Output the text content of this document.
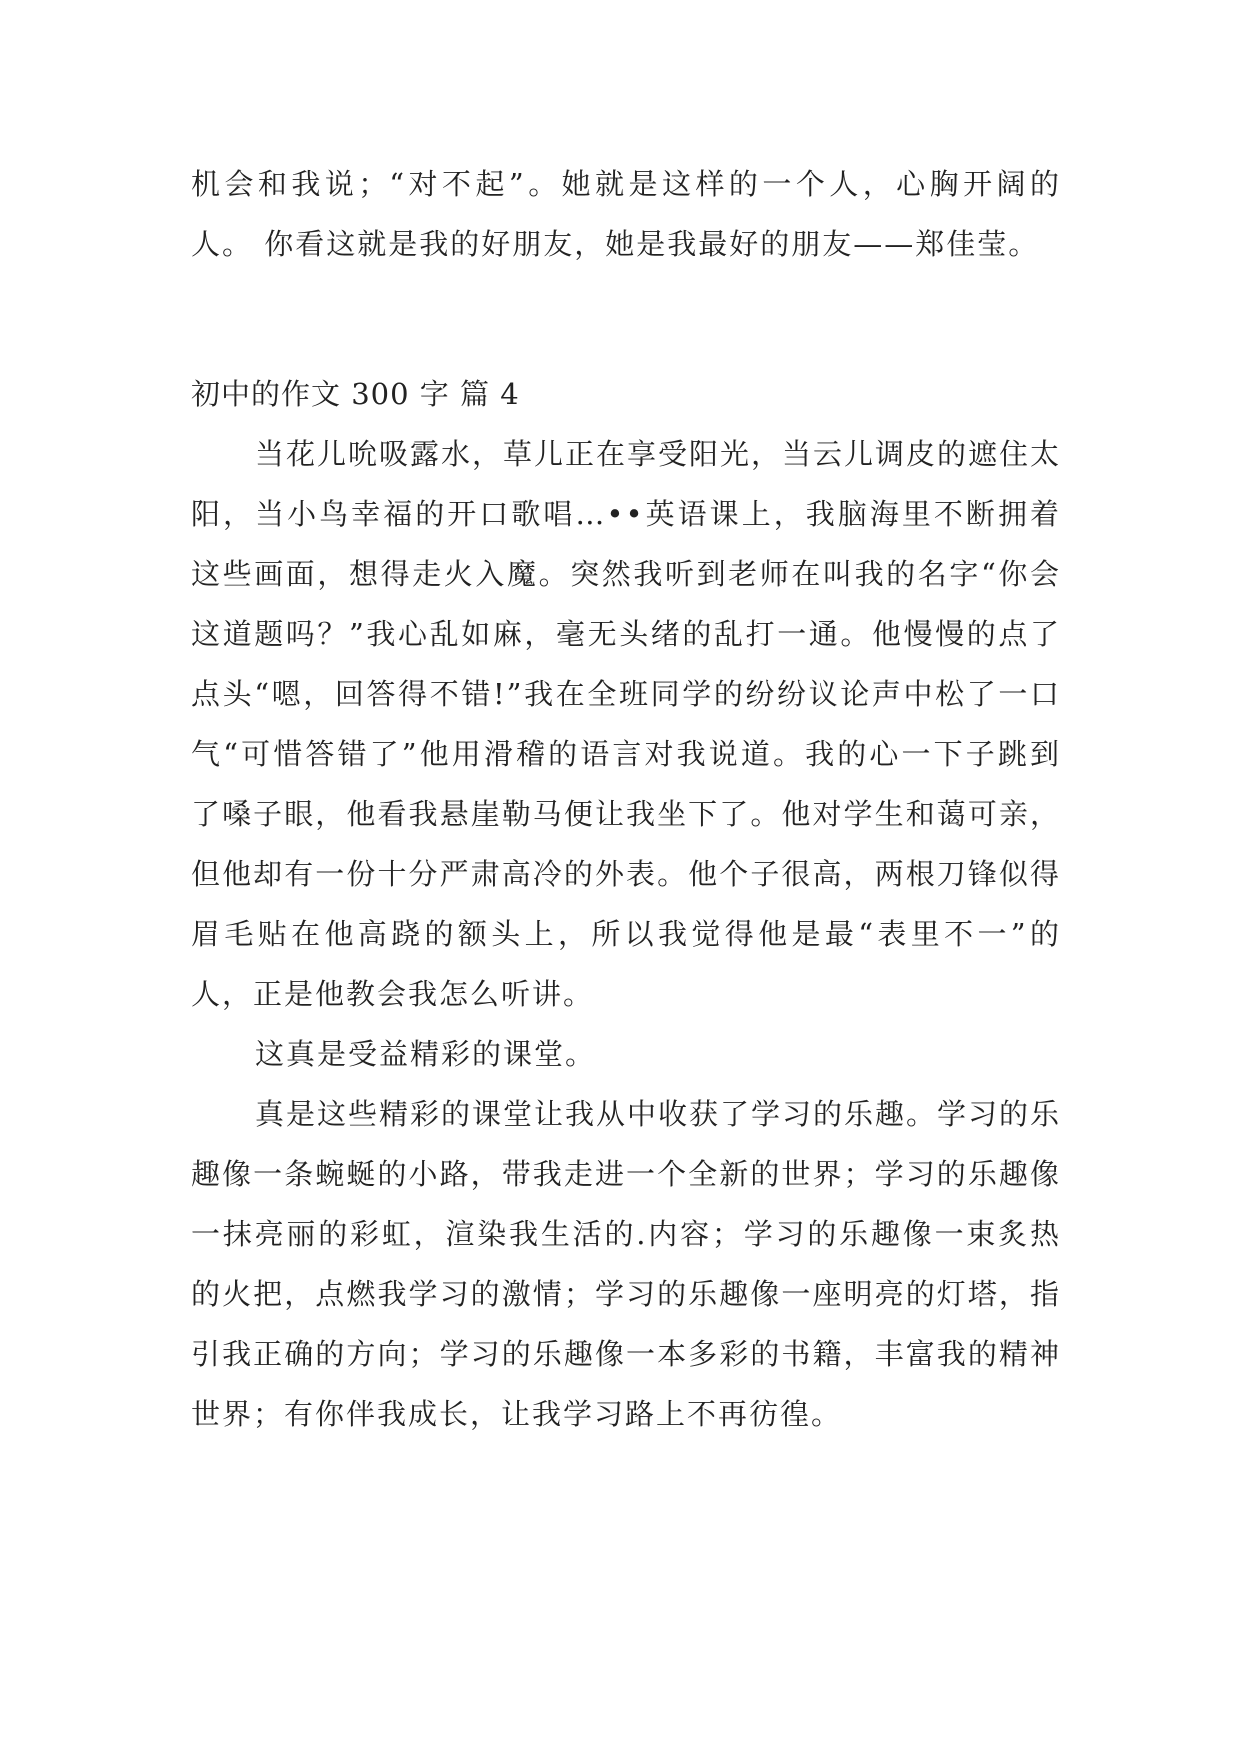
机会和我说；“对不起”。她就是这样的一个人，心胸开阔的人。 你看这就是我的好朋友，她是我最好的朋友——郑佳莹。

初中的作文 300 字 篇 4

当花儿吮吸露水，草儿正在享受阳光，当云儿调皮的遮住太阳，当小鸟幸福的开口歌唱…••英语课上，我脑海里不断拥着这些画面，想得走火入魔。突然我听到老师在叫我的名字“你会这道题吗？”我心乱如麻，毫无头绪的乱打一通。他慢慢的点了点头“嗯，回答得不错!”我在全班同学的纷纷议论声中松了一口气“可惜答错了”他用滑稽的语言对我说道。我的心一下子跳到了嗓子眼，他看我悬崖勒马便让我坐下了。他对学生和蔼可亲，但他却有一份十分严肃高冷的外表。他个子很高，两根刀锋似得眉毛贴在他高跷的额头上，所以我觉得他是最“表里不一”的人，正是他教会我怎么听讲。

这真是受益精彩的课堂。

真是这些精彩的课堂让我从中收获了学习的乐趣。学习的乐趣像一条蜿蜒的小路，带我走进一个全新的世界；学习的乐趣像一抹亮丽的彩虹，渲染我生活的.内容；学习的乐趣像一束炙热的火把，点燃我学习的激情；学习的乐趣像一座明亮的灯塔，指引我正确的方向；学习的乐趣像一本多彩的书籍，丰富我的精神世界；有你伴我成长，让我学习路上不再彷徨。
